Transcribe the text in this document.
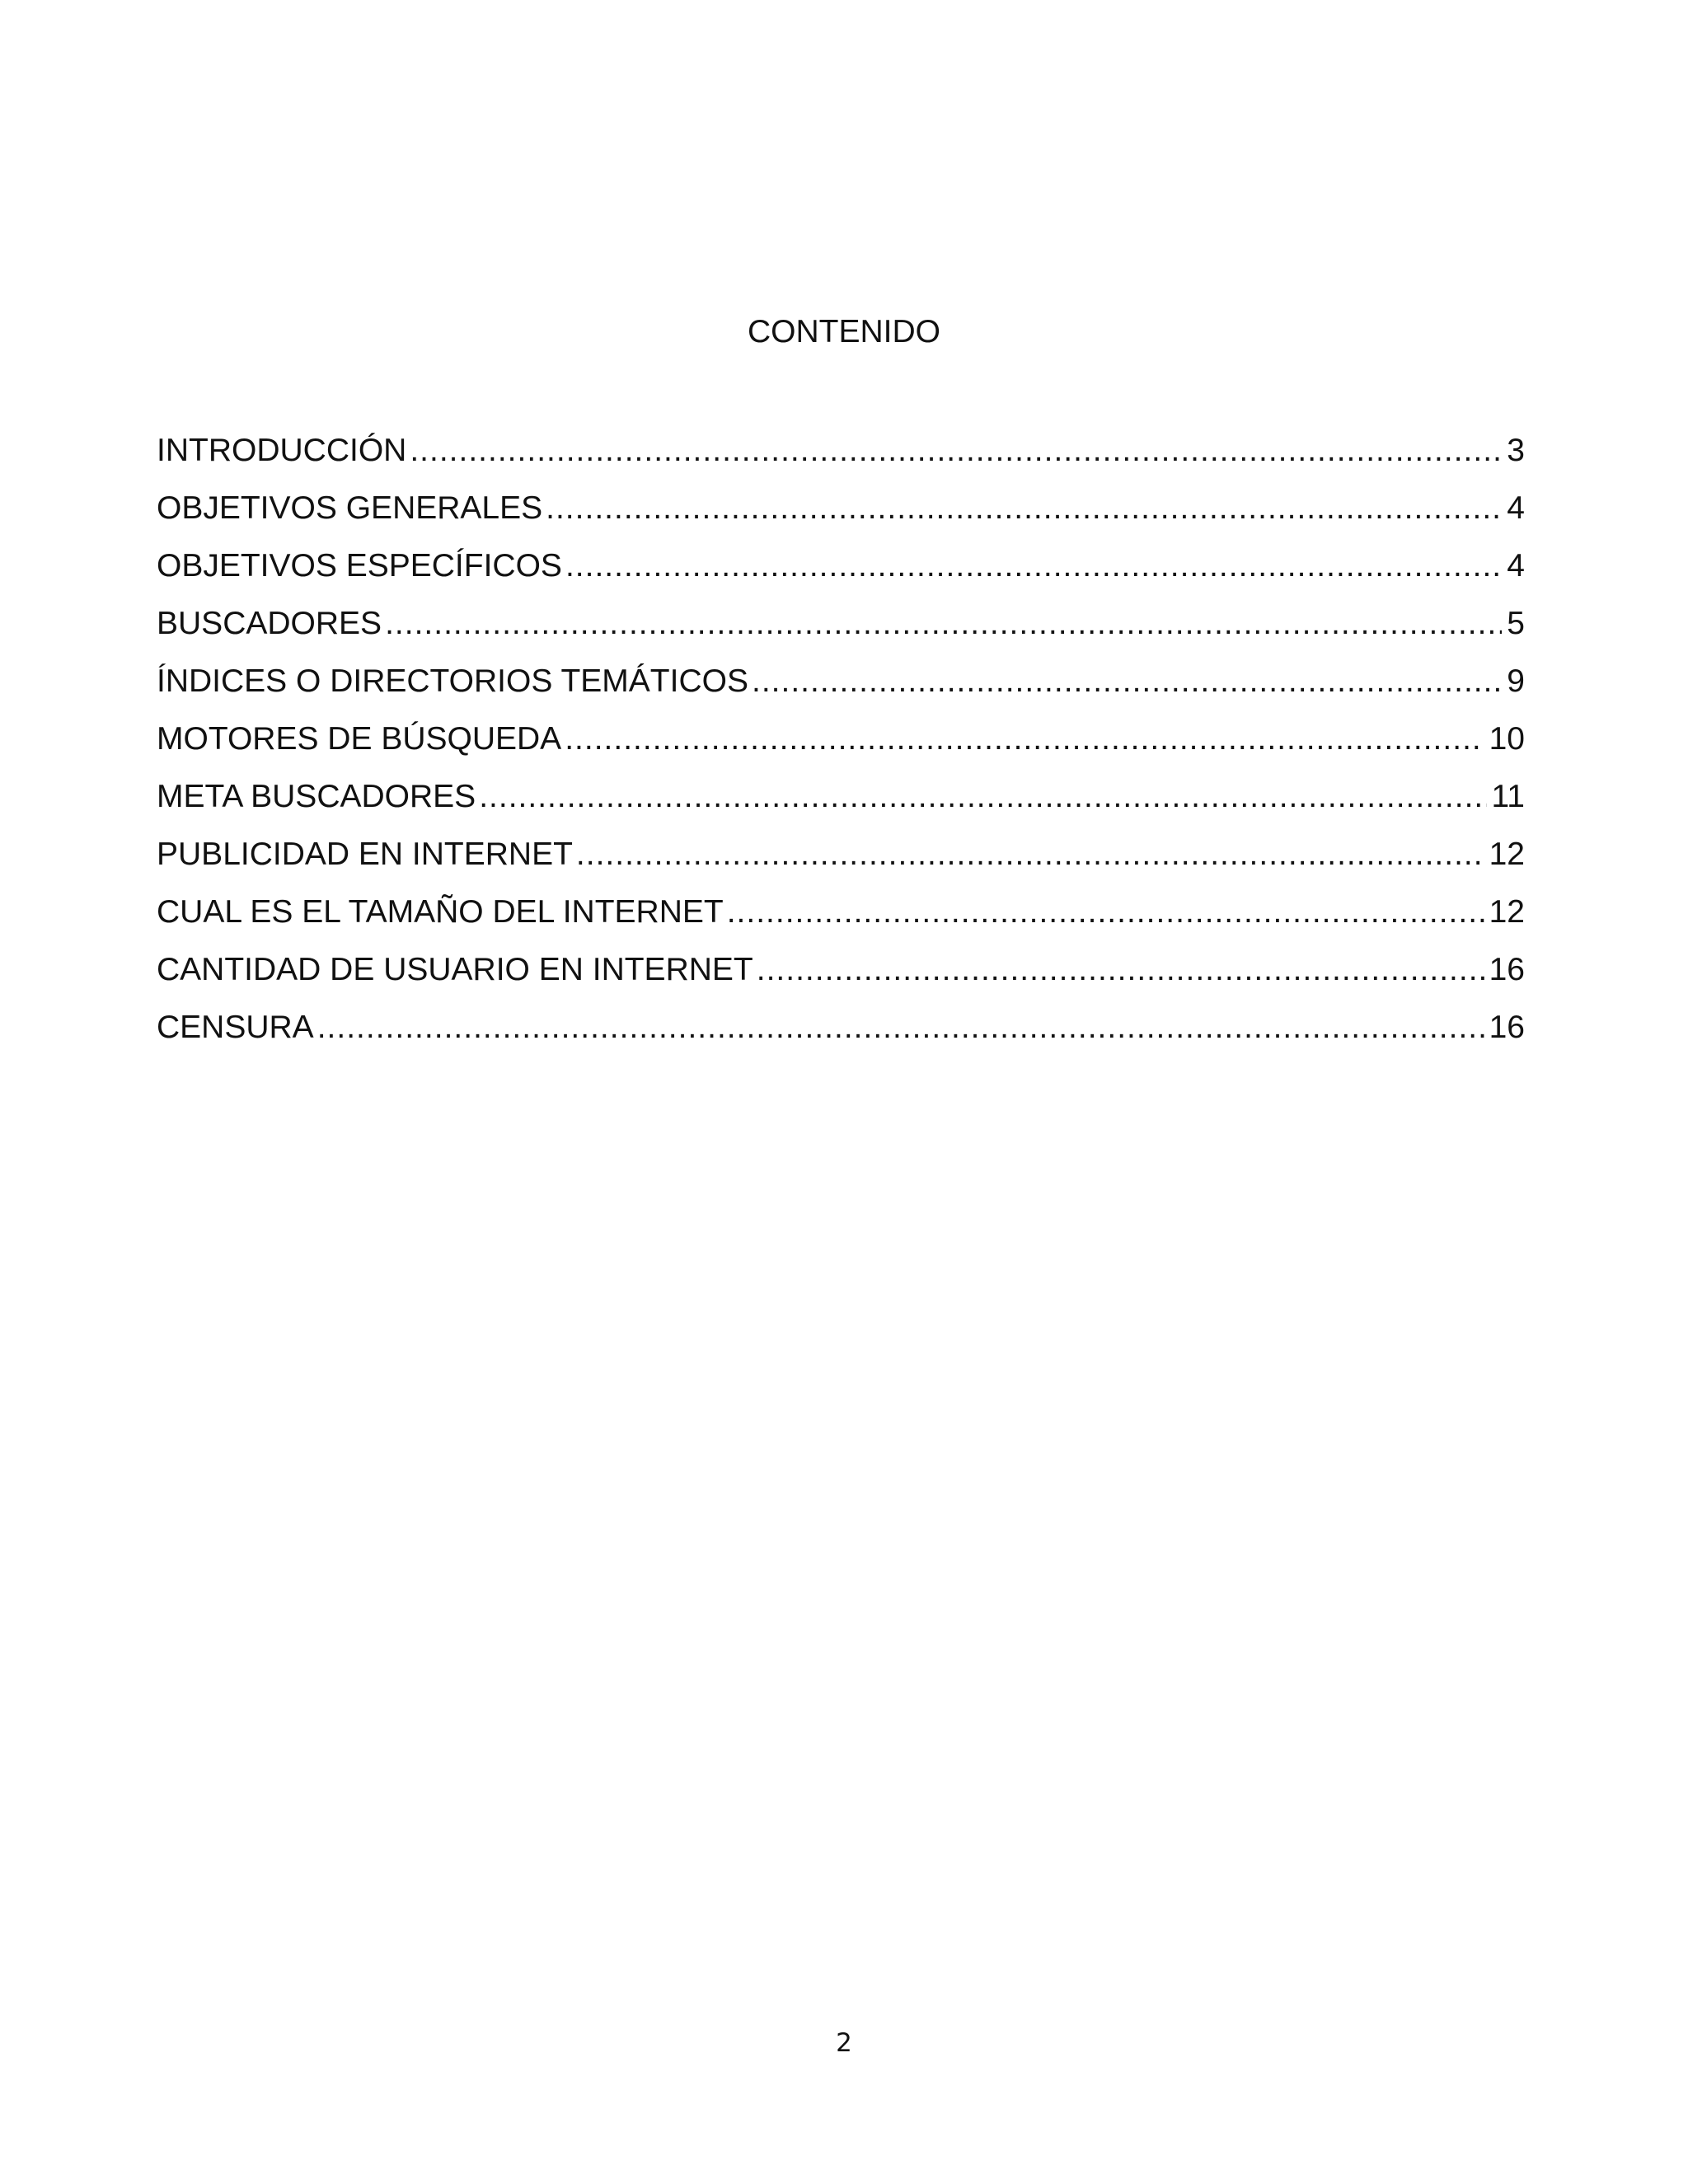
CONTENIDO
INTRODUCCIÓN .....	3
OBJETIVOS GENERALES .....	4
OBJETIVOS ESPECÍFICOS .....	4
BUSCADORES .....	5
ÍNDICES O DIRECTORIOS TEMÁTICOS .....	9
MOTORES DE BÚSQUEDA .....	10
META BUSCADORES .....	11
PUBLICIDAD EN INTERNET .....	12
CUAL ES EL TAMAÑO DEL INTERNET .....	12
CANTIDAD DE USUARIO EN INTERNET .....	16
CENSURA .....	16
2
